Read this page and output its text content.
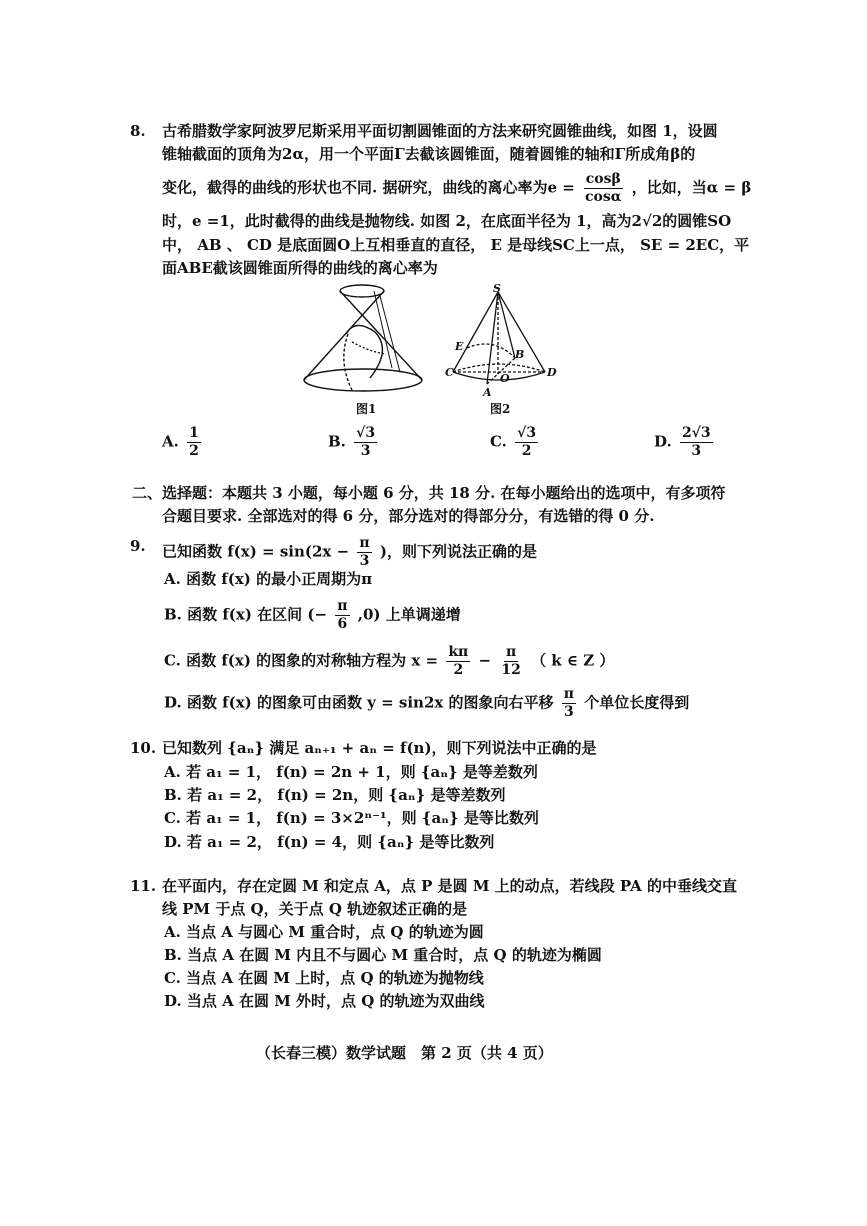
8. 古希腊数学家阿波罗尼斯采用平面切割圆锥面的方法来研究圆锥曲线，如图 1，设圆
锥轴截面的顶角为2α，用一个平面Γ去截该圆锥面，随着圆锥的轴和Γ所成角β的
变化，截得的曲线的形状也不同. 据研究，曲线的离心率为$e = \frac{\cos\beta}{\cos\alpha}$ ，比如，当α = β
时，e =1，此时截得的曲线是抛物线. 如图 2，在底面半径为 1，高为2√2的圆锥SO
中， AB 、 CD 是底面圆O上互相垂直的直径， E 是母线SC上一点， SE = 2EC，平
面ABE截该圆锥面所得的曲线的离心率为
图1
S
E
B
C	O	D
A
图2
A. $\frac{1}{2}$	B. $\frac{√3}{3}$	C. $\frac{√3}{2}$	D. $\frac{2√3}{3}$
二、选择题：本题共 3 小题，每小题 6 分，共 18 分. 在每小题给出的选项中，有多项符
合题目要求. 全部选对的得 6 分，部分选对的得部分分，有选错的得 0 分.
9. 已知函数 $f(x) = \sin(2x - \frac{\pi}{3}$ )，则下列说法正确的是
A. 函数 f(x) 的最小正周期为π
B. 函数 f(x) 在区间 (− $\frac{\pi}{6} ,0$) 上单调递增
C. 函数 f(x) 的图象的对称轴方程为 $x = \frac{k\pi}{2} - \frac{\pi}{12}$ （ k ∈ Z ）
D. 函数 f(x) 的图象可由函数 y = sin2x 的图象向右平移 $\frac{\pi}{3}$ 个单位长度得到
10. 已知数列 {aₙ} 满足 aₙ₊₁ + aₙ = f(n)，则下列说法中正确的是
A. 若 a₁ = 1， f(n) = 2n + 1，则 {aₙ} 是等差数列
B. 若 a₁ = 2， f(n) = 2n，则 {aₙ} 是等差数列
C. 若 a₁ = 1， f(n) = 3×2ⁿ⁻¹，则 {aₙ} 是等比数列
D. 若 a₁ = 2， f(n) = 4，则 {aₙ} 是等比数列
11. 在平面内，存在定圆 M 和定点 A，点 P 是圆 M 上的动点，若线段 PA 的中垂线交直
线 PM 于点 Q，关于点 Q 轨迹叙述正确的是
A. 当点 A 与圆心 M 重合时，点 Q 的轨迹为圆
B. 当点 A 在圆 M 内且不与圆心 M 重合时，点 Q 的轨迹为椭圆
C. 当点 A 在圆 M 上时，点 Q 的轨迹为抛物线
D. 当点 A 在圆 M 外时，点 Q 的轨迹为双曲线
（长春三模）数学试题　第 2 页（共 4 页）
